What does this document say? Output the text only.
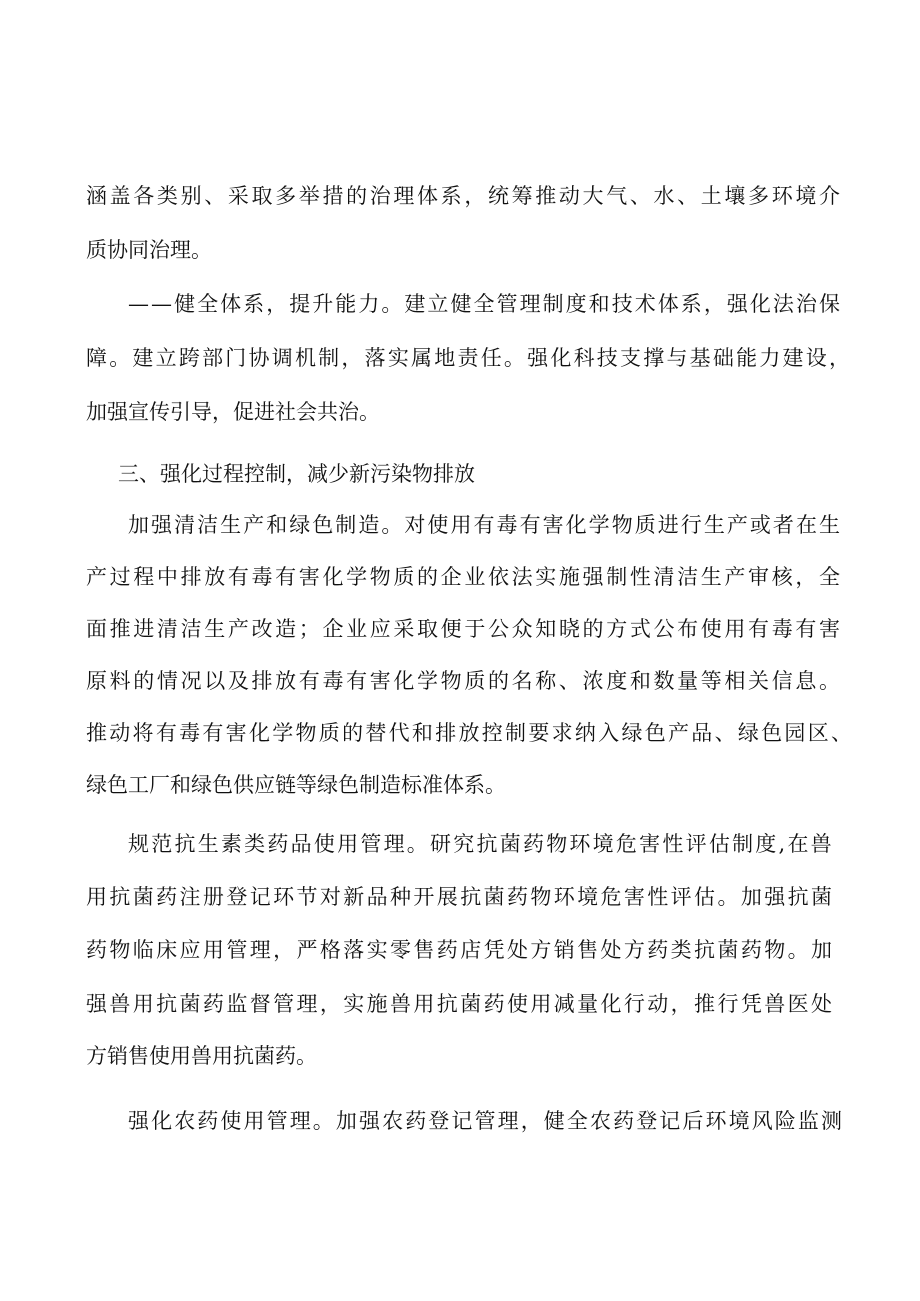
涵盖各类别、采取多举措的治理体系，统筹推动大气、水、土壤多环境介
质协同治理。
——健全体系，提升能力。建立健全管理制度和技术体系，强化法治保
障。建立跨部门协调机制，落实属地责任。强化科技支撑与基础能力建设，
加强宣传引导，促进社会共治。
三、强化过程控制，减少新污染物排放
加强清洁生产和绿色制造。对使用有毒有害化学物质进行生产或者在生
产过程中排放有毒有害化学物质的企业依法实施强制性清洁生产审核，全
面推进清洁生产改造；企业应采取便于公众知晓的方式公布使用有毒有害
原料的情况以及排放有毒有害化学物质的名称、浓度和数量等相关信息。
推动将有毒有害化学物质的替代和排放控制要求纳入绿色产品、绿色园区、
绿色工厂和绿色供应链等绿色制造标准体系。
规范抗生素类药品使用管理。研究抗菌药物环境危害性评估制度,在兽
用抗菌药注册登记环节对新品种开展抗菌药物环境危害性评估。加强抗菌
药物临床应用管理，严格落实零售药店凭处方销售处方药类抗菌药物。加
强兽用抗菌药监督管理，实施兽用抗菌药使用减量化行动，推行凭兽医处
方销售使用兽用抗菌药。
强化农药使用管理。加强农药登记管理，健全农药登记后环境风险监测
